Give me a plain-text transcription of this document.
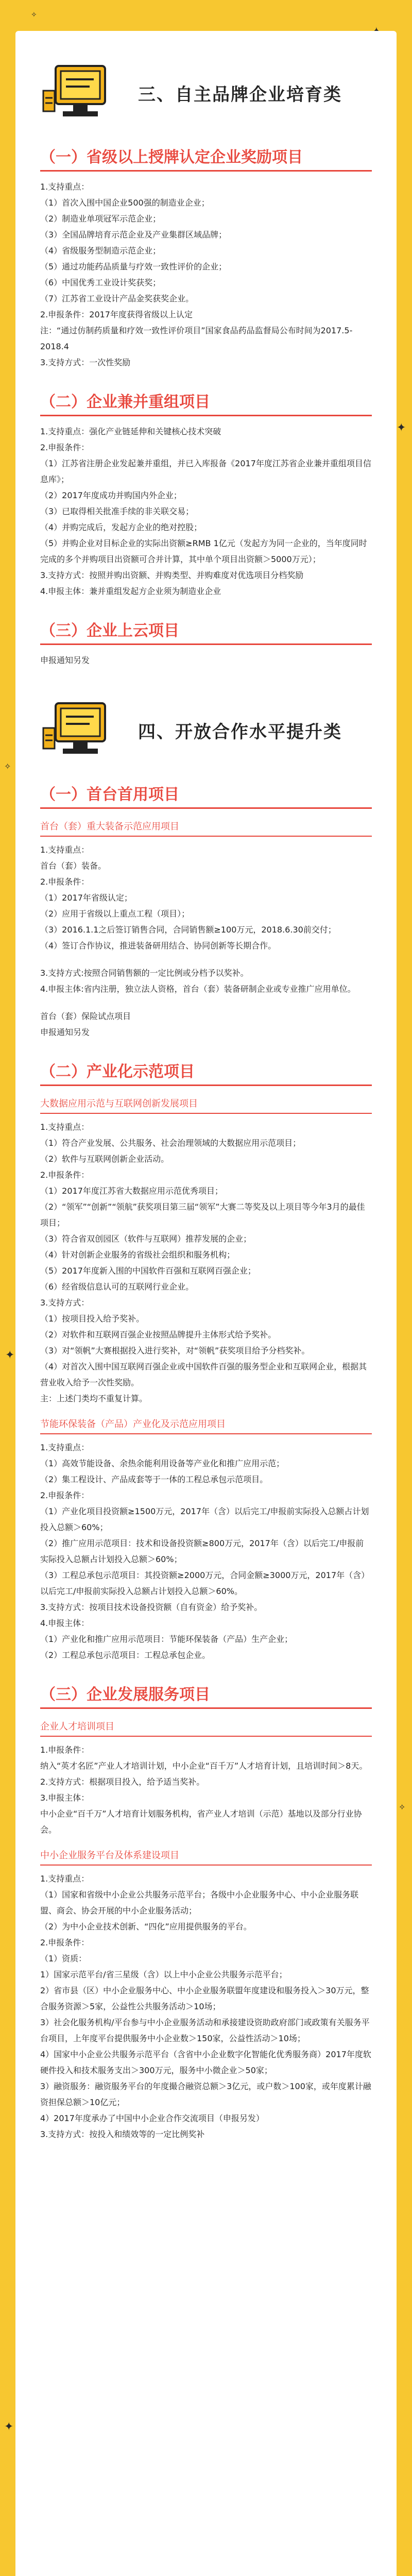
✧
✦
✧
✦
✧
✦
三、自主品牌企业培育类
（一）省级以上授牌认定企业奖励项目

1.支持重点：

（1）首次入围中国企业500强的制造业企业；

（2）制造业单项冠军示范企业；

（3）全国品牌培育示范企业及产业集群区域品牌；

（4）省级服务型制造示范企业；

（5）通过功能药品质量与疗效一致性评价的企业；

（6）中国优秀工业设计奖获奖；

（7）江苏省工业设计产品金奖获奖企业。

2.申报条件：2017年度获得省级以上认定

注：“通过仿制药质量和疗效一致性评价项目”国家食品药品监督局公布时间为2017.5-2018.4

3.支持方式：一次性奖励

（二）企业兼并重组项目

1.支持重点：强化产业链延伸和关键核心技术突破

2.申报条件：

（1）江苏省注册企业发起兼并重组，并已入库报备《2017年度江苏省企业兼并重组项目信息库》；

（2）2017年度成功并购国内外企业；

（3）已取得相关批准手续的非关联交易；

（4）并购完成后，发起方企业的绝对控股；

（5）并购企业对目标企业的实际出资额≥RMB 1亿元（发起方为同一企业的，当年度同时完成的多个并购项目出资额可合并计算，其中单个项目出资额＞5000万元）；

3.支持方式：按照并购出资额、并购类型、并购难度对优选项目分档奖励

4.申报主体：兼并重组发起方企业须为制造业企业

（三）企业上云项目

申报通知另发

四、开放合作水平提升类
（一）首台首用项目
首台（套）重大装备示范应用项目

1.支持重点：

首台（套）装备。

2.申报条件：

（1）2017年省级认定；

（2）应用于省级以上重点工程（项目）；

（3）2016.1.1之后签订销售合同，合同销售额≥100万元，2018.6.30前交付；

（4）签订合作协议，推进装备研用结合、协同创新等长期合作。

3.支持方式:按照合同销售额的一定比例或分档予以奖补。

4.申报主体:省内注册，独立法人资格，首台（套）装备研制企业或专业推广应用单位。

首台（套）保险试点项目

申报通知另发

（二）产业化示范项目
大数据应用示范与互联网创新发展项目

1.支持重点：

（1）符合产业发展、公共服务、社会治理领域的大数据应用示范项目；

（2）软件与互联网创新企业活动。

2.申报条件：

（1）2017年度江苏省大数据应用示范优秀项目；

（2）“领军”“创新”“领航”获奖项目第三届“领军”大赛二等奖及以上项目等今年3月的最佳项目；

（3）符合省双创园区（软件与互联网）推荐发展的企业；

（4）针对创新企业服务的省级社会组织和服务机构；

（5）2017年度新入围的中国软件百强和互联网百强企业；

（6）经省级信息认可的互联网行业企业。

3.支持方式：

（1）按项目投入给予奖补。

（2）对软件和互联网百强企业按照品牌提升主体形式给予奖补。

（3）对“领帆”大赛根据投入进行奖补，对“领帆”获奖项目给予分档奖补。

（4）对首次入围中国互联网百强企业或中国软件百强的服务型企业和互联网企业，根据其营业收入给予一次性奖励。

主：上述门类均不重复计算。

节能环保装备（产品）产业化及示范应用项目

1.支持重点：

（1）高效节能设备、余热余能利用设备等产业化和推广应用示范；

（2）集工程设计、产品成套等于一体的工程总承包示范项目。

2.申报条件：

（1）产业化项目投资额≥1500万元，2017年（含）以后完工/申报前实际投入总额占计划投入总额＞60%；

（2）推广应用示范项目：技术和设备投资额≥800万元，2017年（含）以后完工/申报前实际投入总额占计划投入总额＞60%；

（3）工程总承包示范项目：其投资额≥2000万元，合同金额≥3000万元，2017年（含）以后完工/申报前实际投入总额占计划投入总额＞60%。

3.支持方式：按项目技术设备投资额（自有资金）给予奖补。

4.申报主体：

（1）产业化和推广应用示范项目：节能环保装备（产品）生产企业；

（2）工程总承包示范项目：工程总承包企业。

（三）企业发展服务项目
企业人才培训项目

1.申报条件：

纳入“英才名匠”产业人才培训计划，中小企业“百千万”人才培育计划，且培训时间＞8天。

2.支持方式：根据项目投入，给予适当奖补。

3.申报主体：

中小企业“百千万”人才培育计划服务机构，省产业人才培训（示范）基地以及部分行业协会。

中小企业服务平台及体系建设项目

1.支持重点：

（1）国家和省级中小企业公共服务示范平台；各级中小企业服务中心、中小企业服务联盟、商会、协会开展的中小企业服务活动；

（2）为中小企业技术创新、“四化”应用提供服务的平台。

2.申报条件：

（1）资质：

1）国家示范平台/省三星级（含）以上中小企业公共服务示范平台；

2）省市县（区）中小企业服务中心、中小企业服务联盟年度建设和服务投入＞30万元，整合服务资源＞5家，公益性公共服务活动＞10场；

3）社会化服务机构/平台参与中小企业服务活动和承接建设资助政府部门或政策有关服务平台项目，上年度平台提供服务中小企业数＞150家，公益性活动＞10场；

4）国家中小企业公共服务示范平台（含省中小企业数字化智能化优秀服务商）2017年度软硬件投入和技术服务支出＞300万元，服务中小微企业＞50家；

3）融资服务：融资服务平台的年度撮合融资总额＞3亿元，或户数＞100家，或年度累计融资担保总额＞10亿元；

4）2017年度承办了中国中小企业合作交流项目（申报另发）

3.支持方式：按投入和绩效等的一定比例奖补
